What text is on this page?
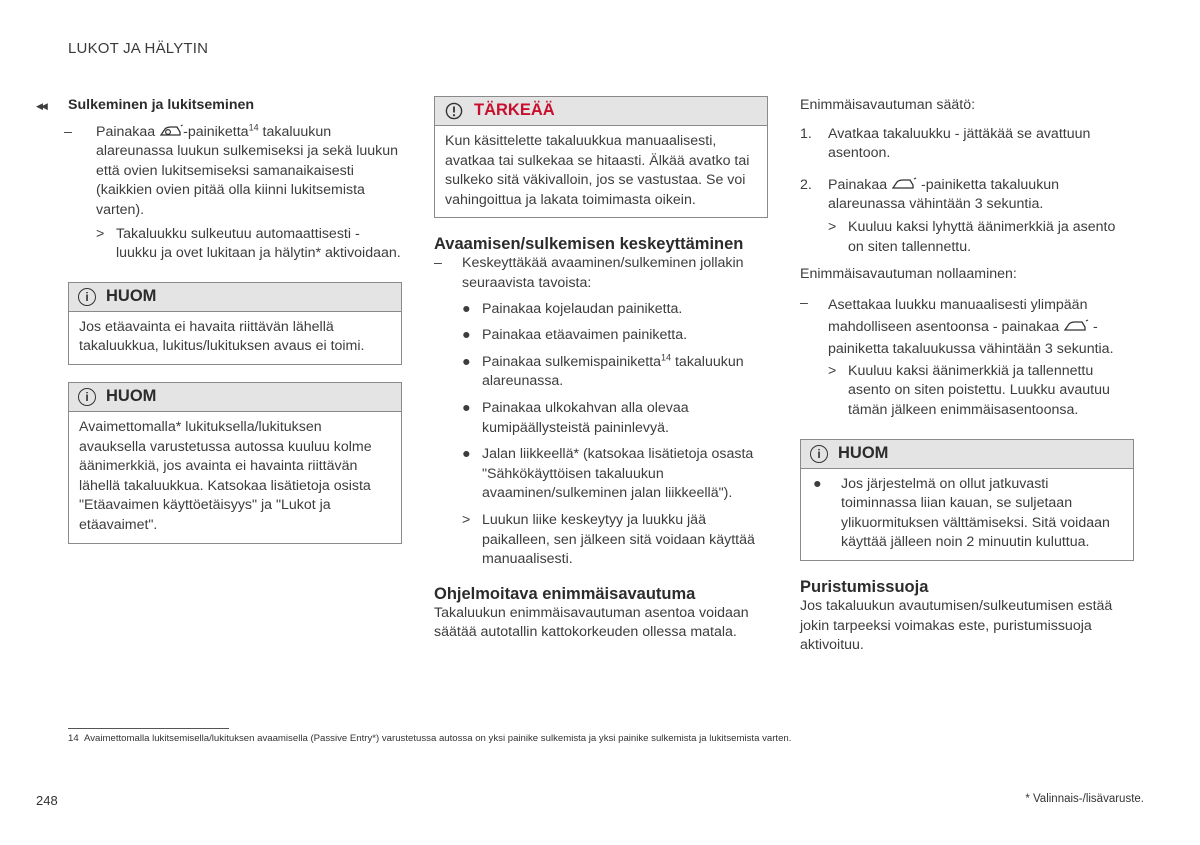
LUKOT JA HÄLYTIN
◀◀	Sulkeminen ja lukitseminen
–	Painakaa -painiketta$^{14}$ takaluukun alareunassa luukun sulkemiseksi ja sekä luukun että ovien lukitsemiseksi samanaikaisesti (kaikkien ovien pitää olla kiinni lukitsemista varten).

> Takaluukku sulkeutuu automaattisesti - luukku ja ovet lukitaan ja hälytin* aktivoidaan.

i	HUOM
Jos etäavainta ei havaita riittävän lähellä takaluukkua, lukitus/lukituksen avaus ei toimi.
i	HUOM
Avaimettomalla* lukituksella/lukituksen avauksella varustetussa autossa kuuluu kolme äänimerkkiä, jos avainta ei havainta riittävän lähellä takaluukkua. Katsokaa lisätietoja osista "Etäavaimen käyttöetäisyys" ja "Lukot ja etäavaimet".
TÄRKEÄÄ
Kun käsittelette takaluukkua manuaalisesti, avatkaa tai sulkekaa se hitaasti. Älkää avatko tai sulkeko sitä väkivalloin, jos se vastustaa. Se voi vahingoittua ja lakata toimimasta oikein.
Avaamisen/sulkemisen keskeyttäminen
–	Keskeyttäkää avaaminen/sulkeminen jollakin seuraavista tavoista:

● Painakaa kojelaudan painiketta.

● Painakaa etäavaimen painiketta.

● Painakaa sulkemispainiketta$^{14}$ takaluukun alareunassa.

● Painakaa ulkokahvan alla olevaa kumipäällysteistä paininlevyä.

● Jalan liikkeellä* (katsokaa lisätietoja osasta "Sähkökäyttöisen takaluukun avaaminen/sulkeminen jalan liikkeellä").

> Luukun liike keskeytyy ja luukku jää paikalleen, sen jälkeen sitä voidaan käyttää manuaalisesti.

Ohjelmoitava enimmäisavautuma

Takaluukun enimmäisavautuman asentoa voidaan säätää autotallin kattokorkeuden ollessa matala.

Enimmäisavautuman säätö:

1.	Avatkaa takaluukku - jättäkää se avattuun asentoon.

2.	Painakaa  -painiketta takaluukun alareunassa vähintään 3 sekuntia.

> Kuuluu kaksi lyhyttä äänimerkkiä ja asento on siten tallennettu.

Enimmäisavautuman nollaaminen:

–	Asettakaa luukku manuaalisesti ylimpään mahdolliseen asentoonsa - painakaa  -painiketta takaluukussa vähintään 3 sekuntia.

> Kuuluu kaksi äänimerkkiä ja tallennettu asento on siten poistettu. Luukku avautuu tämän jälkeen enimmäisasentoonsa.

i	HUOM
●	Jos järjestelmä on ollut jatkuvasti toiminnassa liian kauan, se suljetaan ylikuormituksen välttämiseksi. Sitä voidaan käyttää jälleen noin 2 minuutin kuluttua.

Puristumissuoja

Jos takaluukun avautumisen/sulkeutumisen estää jokin tarpeeksi voimakas este, puristumissuoja aktivoituu.

14 Avaimettomalla lukitsemisella/lukituksen avaamisella (Passive Entry*) varustetussa autossa on yksi painike sulkemista ja yksi painike sulkemista ja lukitsemista varten.
248	* Valinnais-/lisävaruste.
